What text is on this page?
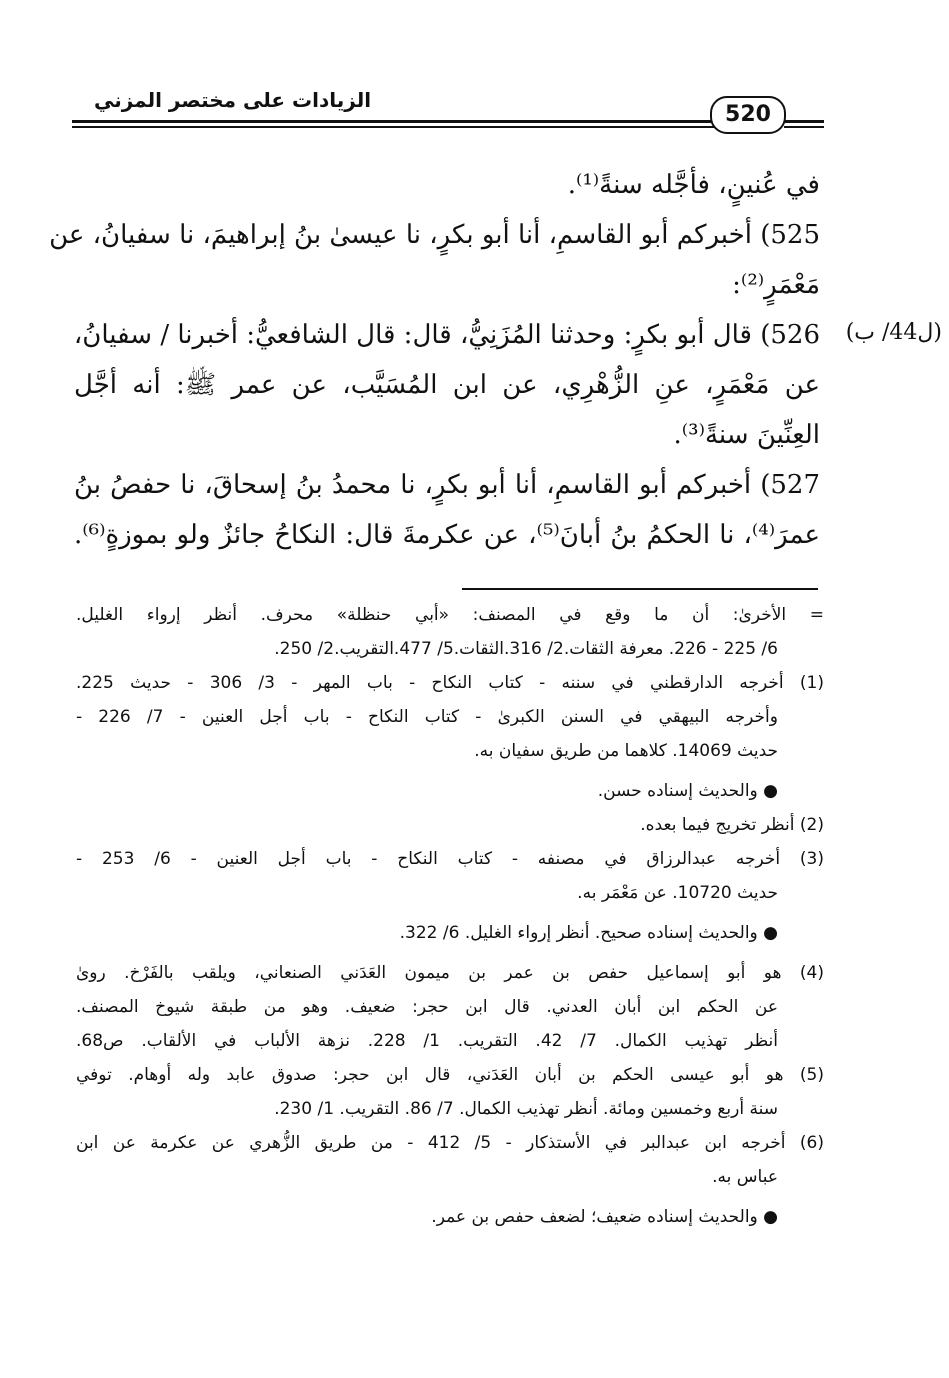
الزيادات على مختصر المزني
520
(ل44/ ب)
في عُنينٍ، فأجَّله سنةً⁽¹⁾.
525) أخبركم أبو القاسمِ، أنا أبو بكرٍ، نا عيسىٰ بنُ إبراهيمَ، نا سفيانُ، عن
مَعْمَرٍ⁽²⁾:
526) قال أبو بكرٍ: وحدثنا المُزَنِيُّ، قال: قال الشافعيُّ: أخبرنا / سفيانُ،
عن مَعْمَرٍ، عنِ الزُّهْرِي، عن ابن المُسَيَّب، عن عمر ﷺ: أنه أجَّل
العِنِّينَ سنةً⁽³⁾.
527) أخبركم أبو القاسمِ، أنا أبو بكرٍ، نا محمدُ بنُ إسحاقَ، نا حفصُ بنُ
عمرَ⁽⁴⁾، نا الحكمُ بنُ أبانَ⁽⁵⁾، عن عكرمةَ قال: النكاحُ جائزٌ ولو بموزةٍ⁽⁶⁾.
= الأخرىٰ: أن ما وقع في المصنف: «أبي حنظلة» محرف. أنظر إرواء الغليل.
6/ 225 - 226. معرفة الثقات.2/ 316.الثقات.5/ 477.التقريب.2/ 250.
(1) أخرجه الدارقطني في سننه - كتاب النكاح - باب المهر - 3/ 306 - حديث 225.
وأخرجه البيهقي في السنن الكبرىٰ - كتاب النكاح - باب أجل العنين - 7/ 226 -
حديث 14069. كلاهما من طريق سفيان به.
● والحديث إسناده حسن.
(2) أنظر تخريج فيما بعده.
(3) أخرجه عبدالرزاق في مصنفه - كتاب النكاح - باب أجل العنين - 6/ 253 -
حديث 10720. عن مَعْمَر به.
● والحديث إسناده صحيح. أنظر إرواء الغليل. 6/ 322.
(4) هو أبو إسماعيل حفص بن عمر بن ميمون العَدَني الصنعاني، ويلقب بالفَرْخ. روىٰ
عن الحكم ابن أبان العدني. قال ابن حجر: ضعيف. وهو من طبقة شيوخ المصنف.
أنظر تهذيب الكمال. 7/ 42. التقريب. 1/ 228. نزهة الألباب في الألقاب. ص68.
(5) هو أبو عيسى الحكم بن أبان العَدَني، قال ابن حجر: صدوق عابد وله أوهام. توفي
سنة أربع وخمسين ومائة. أنظر تهذيب الكمال. 7/ 86. التقريب. 1/ 230.
(6) أخرجه ابن عبدالبر في الأستذكار - 5/ 412 - من طريق الزُّهري عن عكرمة عن ابن
عباس به.
● والحديث إسناده ضعيف؛ لضعف حفص بن عمر.
